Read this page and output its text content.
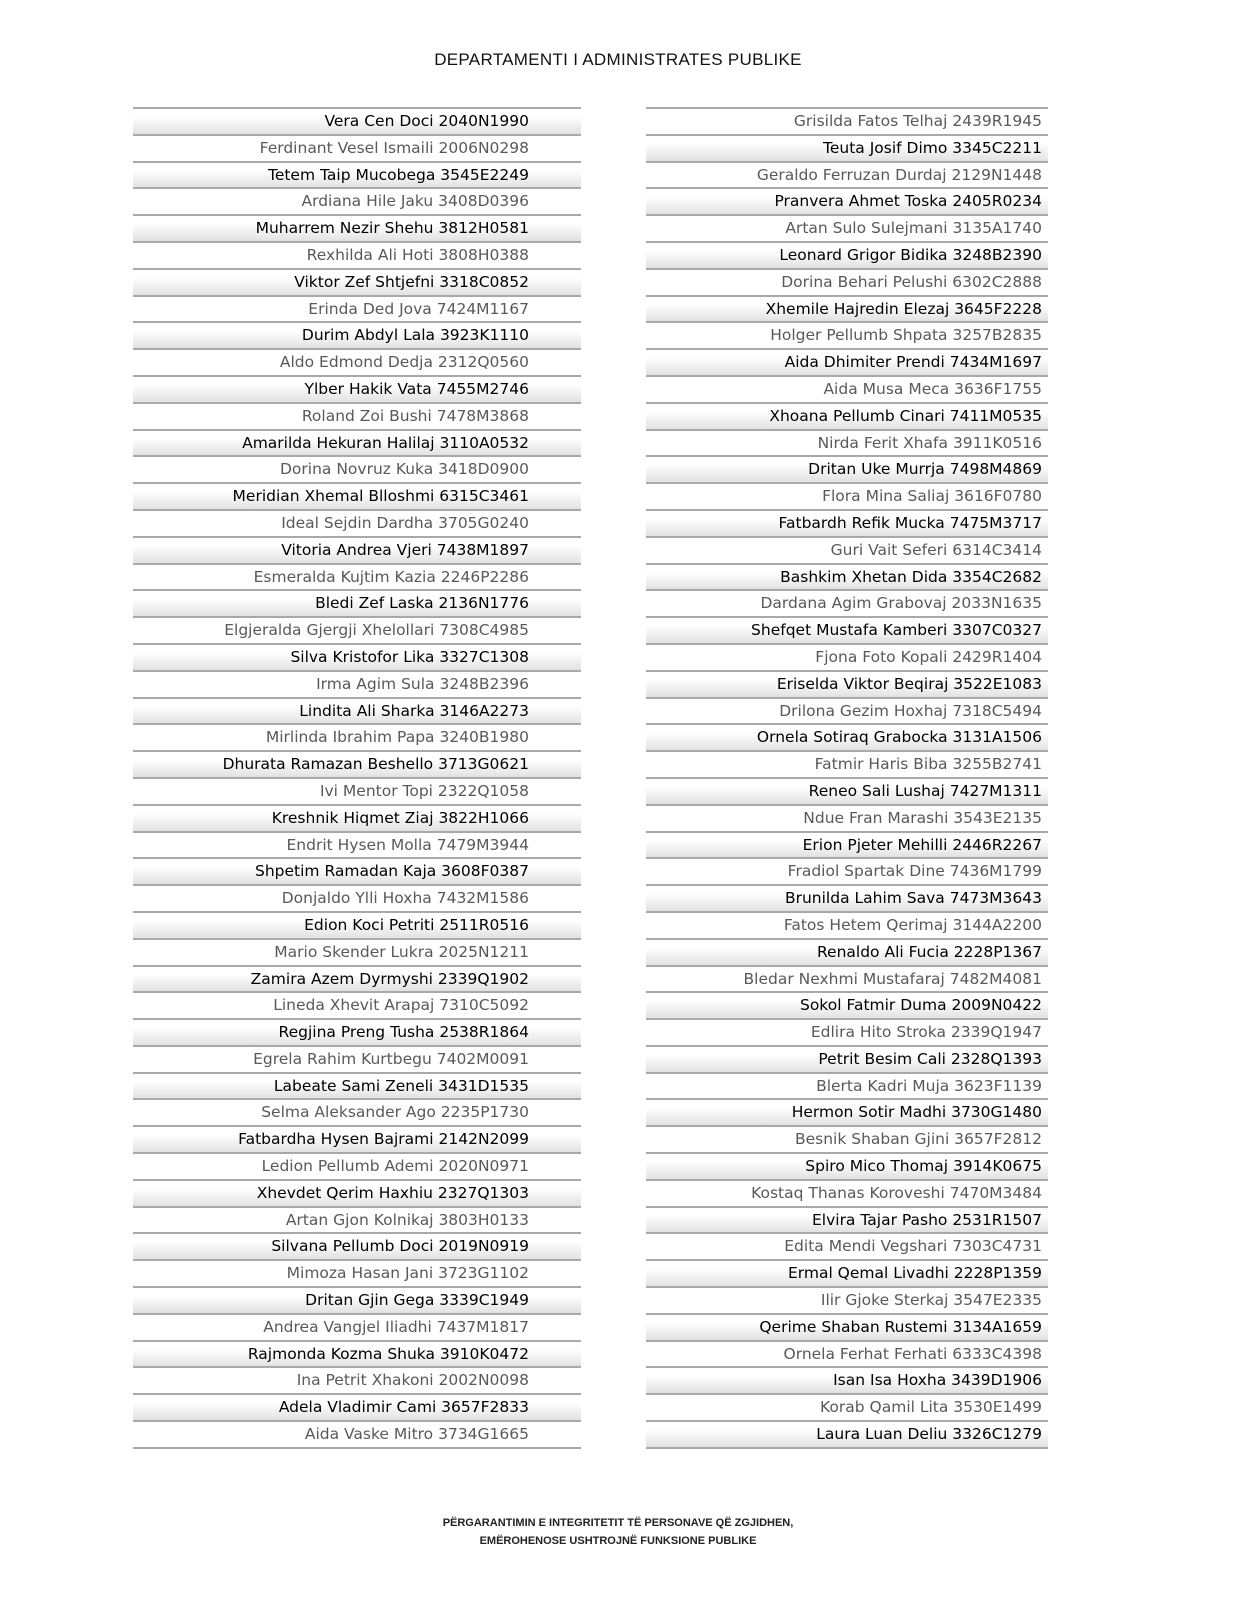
DEPARTAMENTI I ADMINISTRATES PUBLIKE
Vera Cen Doci 2040N1990
Ferdinant Vesel Ismaili 2006N0298
Tetem Taip Mucobega 3545E2249
Ardiana Hile Jaku 3408D0396
Muharrem Nezir Shehu 3812H0581
Rexhilda Ali Hoti 3808H0388
Viktor Zef Shtjefni 3318C0852
Erinda Ded Jova 7424M1167
Durim Abdyl Lala 3923K1110
Aldo Edmond Dedja 2312Q0560
Ylber Hakik Vata 7455M2746
Roland Zoi Bushi 7478M3868
Amarilda Hekuran Halilaj 3110A0532
Dorina Novruz Kuka 3418D0900
Meridian Xhemal Blloshmi 6315C3461
Ideal Sejdin Dardha 3705G0240
Vitoria Andrea Vjeri 7438M1897
Esmeralda Kujtim Kazia 2246P2286
Bledi Zef Laska 2136N1776
Elgjeralda Gjergji Xhelollari 7308C4985
Silva Kristofor Lika 3327C1308
Irma Agim Sula 3248B2396
Lindita Ali Sharka 3146A2273
Mirlinda Ibrahim Papa 3240B1980
Dhurata Ramazan Beshello 3713G0621
Ivi Mentor Topi 2322Q1058
Kreshnik Hiqmet Ziaj 3822H1066
Endrit Hysen Molla 7479M3944
Shpetim Ramadan Kaja 3608F0387
Donjaldo Ylli Hoxha 7432M1586
Edion Koci Petriti 2511R0516
Mario Skender Lukra 2025N1211
Zamira Azem Dyrmyshi 2339Q1902
Lineda Xhevit Arapaj 7310C5092
Regjina Preng Tusha 2538R1864
Egrela Rahim Kurtbegu 7402M0091
Labeate Sami Zeneli 3431D1535
Selma Aleksander Ago 2235P1730
Fatbardha Hysen Bajrami 2142N2099
Ledion Pellumb Ademi 2020N0971
Xhevdet Qerim Haxhiu 2327Q1303
Artan Gjon Kolnikaj 3803H0133
Silvana Pellumb Doci 2019N0919
Mimoza Hasan Jani 3723G1102
Dritan Gjin Gega 3339C1949
Andrea Vangjel Iliadhi 7437M1817
Rajmonda Kozma Shuka 3910K0472
Ina Petrit Xhakoni 2002N0098
Adela Vladimir Cami 3657F2833
Aida Vaske Mitro 3734G1665
Grisilda Fatos Telhaj 2439R1945
Teuta Josif Dimo 3345C2211
Geraldo Ferruzan Durdaj 2129N1448
Pranvera Ahmet Toska 2405R0234
Artan Sulo Sulejmani 3135A1740
Leonard Grigor Bidika 3248B2390
Dorina Behari Pelushi 6302C2888
Xhemile Hajredin Elezaj 3645F2228
Holger Pellumb Shpata 3257B2835
Aida Dhimiter Prendi 7434M1697
Aida Musa Meca 3636F1755
Xhoana Pellumb Cinari 7411M0535
Nirda Ferit Xhafa 3911K0516
Dritan Uke Murrja 7498M4869
Flora Mina Saliaj 3616F0780
Fatbardh Refik Mucka 7475M3717
Guri Vait Seferi 6314C3414
Bashkim Xhetan Dida 3354C2682
Dardana Agim Grabovaj 2033N1635
Shefqet Mustafa Kamberi 3307C0327
Fjona Foto Kopali 2429R1404
Eriselda Viktor Beqiraj 3522E1083
Drilona Gezim Hoxhaj 7318C5494
Ornela Sotiraq Grabocka 3131A1506
Fatmir Haris Biba 3255B2741
Reneo Sali Lushaj 7427M1311
Ndue Fran Marashi 3543E2135
Erion Pjeter Mehilli 2446R2267
Fradiol Spartak Dine 7436M1799
Brunilda Lahim Sava 7473M3643
Fatos Hetem Qerimaj 3144A2200
Renaldo Ali Fucia 2228P1367
Bledar Nexhmi Mustafaraj 7482M4081
Sokol Fatmir Duma 2009N0422
Edlira Hito Stroka 2339Q1947
Petrit Besim Cali 2328Q1393
Blerta Kadri Muja 3623F1139
Hermon Sotir Madhi 3730G1480
Besnik Shaban Gjini 3657F2812
Spiro Mico Thomaj 3914K0675
Kostaq Thanas Koroveshi 7470M3484
Elvira Tajar Pasho 2531R1507
Edita Mendi Vegshari 7303C4731
Ermal Qemal Livadhi 2228P1359
Ilir Gjoke Sterkaj 3547E2335
Qerime Shaban Rustemi 3134A1659
Ornela Ferhat Ferhati 6333C4398
Isan Isa Hoxha 3439D1906
Korab Qamil Lita 3530E1499
Laura Luan Deliu 3326C1279
PËRGARANTIMIN E INTEGRITETIT TË PERSONAVE QË ZGJIDHEN,
EMËROHENOSE USHTROJNË FUNKSIONE PUBLIKE
